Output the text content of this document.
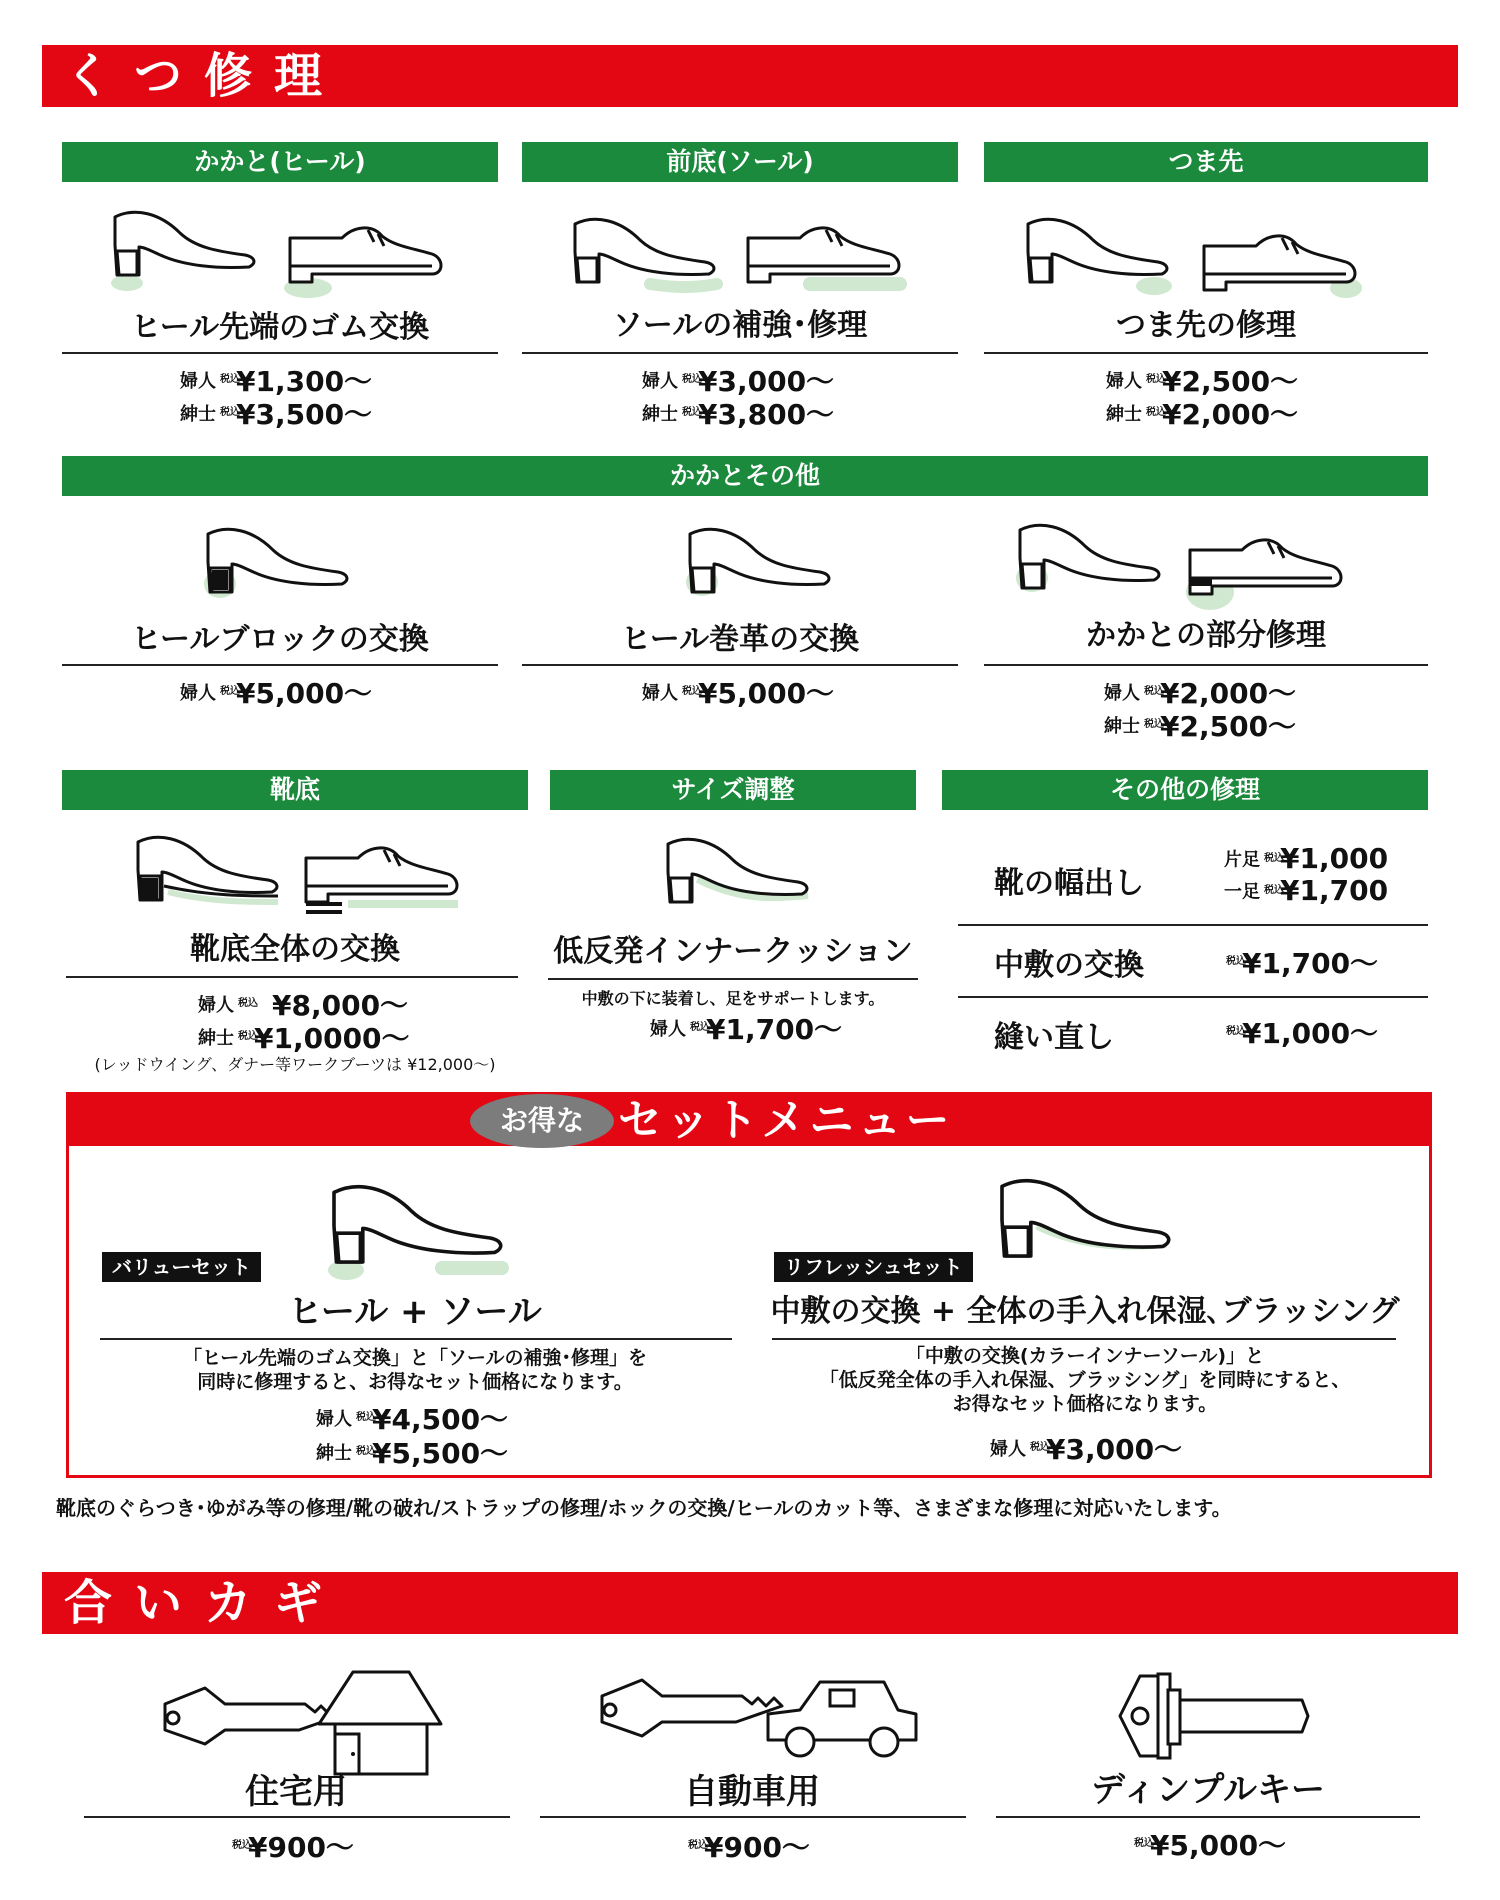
くつ修理
かかと(ヒール)
ヒール先端のゴム交換
婦人 税込¥1,300〜
紳士 税込¥3,500〜
前底(ソール)
ソールの補強･修理
婦人 税込¥3,000〜
紳士 税込¥3,800〜
つま先
つま先の修理
婦人 税込¥2,500〜
紳士 税込¥2,000〜
かかとその他
ヒールブロックの交換
婦人 税込¥5,000〜
ヒール巻革の交換
婦人 税込¥5,000〜
かかとの部分修理
婦人 税込¥2,000〜
紳士 税込¥2,500〜
靴底
靴底全体の交換
婦人 税込 ¥8,000〜
紳士 税込¥1,0000〜
(レッドウイング、ダナー等ワークブーツは ¥12,000〜)
サイズ調整
低反発インナークッション
中敷の下に装着し、足をサポートします。
婦人 税込¥1,700〜
その他の修理
靴の幅出し
片足 税込¥1,000
一足 税込¥1,700
中敷の交換	税込¥1,700〜
縫い直し	税込¥1,000〜
お得な セットメニュー
バリューセット
ヒール + ソール
「ヒール先端のゴム交換」と「ソールの補強･修理」を
同時に修理すると、お得なセット価格になります。
婦人 税込¥4,500〜
紳士 税込¥5,500〜
リフレッシュセット
中敷の交換 + 全体の手入れ保湿､ブラッシング
「中敷の交換(カラーインナーソール)」と
「低反発全体の手入れ保湿、ブラッシング」を同時にすると、
お得なセット価格になります。
婦人 税込¥3,000〜
靴底のぐらつき･ゆがみ等の修理/靴の破れ/ストラップの修理/ホックの交換/ヒールのカット等、さまざまな修理に対応いたします。
合いカギ
住宅用
税込¥900〜
自動車用
税込¥900〜
ディンプルキー
税込¥5,000〜
